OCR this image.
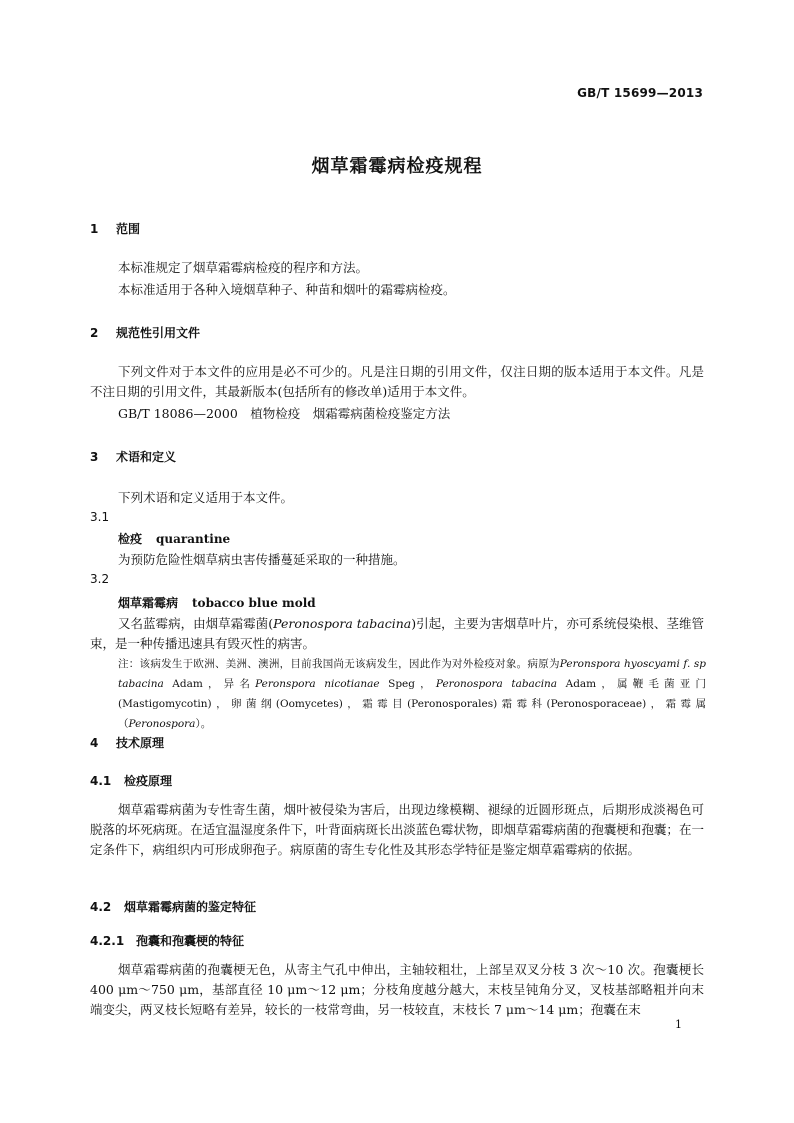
GB/T 15699—2013
烟草霜霉病检疫规程
1 范围
本标准规定了烟草霜霉病检疫的程序和方法。
本标准适用于各种入境烟草种子、种苗和烟叶的霜霉病检疫。
2 规范性引用文件
下列文件对于本文件的应用是必不可少的。凡是注日期的引用文件，仅注日期的版本适用于本文件。凡是不注日期的引用文件，其最新版本(包括所有的修改单)适用于本文件。
GB/T 18086—2000　植物检疫　烟霜霉病菌检疫鉴定方法
3 术语和定义
下列术语和定义适用于本文件。
3.1
检疫 quarantine
为预防危险性烟草病虫害传播蔓延采取的一种措施。
3.2
烟草霜霉病 tobacco blue mold
又名蓝霉病，由烟草霜霉菌(Peronospora tabacina)引起，主要为害烟草叶片，亦可系统侵染根、茎维管束，是一种传播迅速具有毁灭性的病害。
注：该病发生于欧洲、美洲、澳洲，目前我国尚无该病发生，因此作为对外检疫对象。病原为Peronspora hyoscyami f. sp tabacina Adam，异名Peronspora nicotianae Speg，Peronospora tabacina Adam，属鞭毛菌亚门(Mastigomycotin)，卵菌纲(Oomycetes)，霜霉目(Peronosporales)霜霉科(Peronosporaceae)，霜霉属（Peronospora）。
4 技术原理
4.1 检疫原理
烟草霜霉病菌为专性寄生菌，烟叶被侵染为害后，出现边缘模糊、褪绿的近圆形斑点，后期形成淡褐色可脱落的坏死病斑。在适宜温湿度条件下，叶背面病斑长出淡蓝色霉状物，即烟草霜霉病菌的孢囊梗和孢囊；在一定条件下，病组织内可形成卵孢子。病原菌的寄生专化性及其形态学特征是鉴定烟草霜霉病的依据。
4.2 烟草霜霉病菌的鉴定特征
4.2.1 孢囊和孢囊梗的特征
烟草霜霉病菌的孢囊梗无色，从寄主气孔中伸出，主轴较粗壮，上部呈双叉分枝 3 次～10 次。孢囊梗长 400 μm～750 μm，基部直径 10 μm～12 μm；分枝角度越分越大，末枝呈钝角分叉，叉枝基部略粗并向末端变尖，两叉枝长短略有差异，较长的一枝常弯曲，另一枝较直，末枝长 7 μm～14 μm；孢囊在末
1
